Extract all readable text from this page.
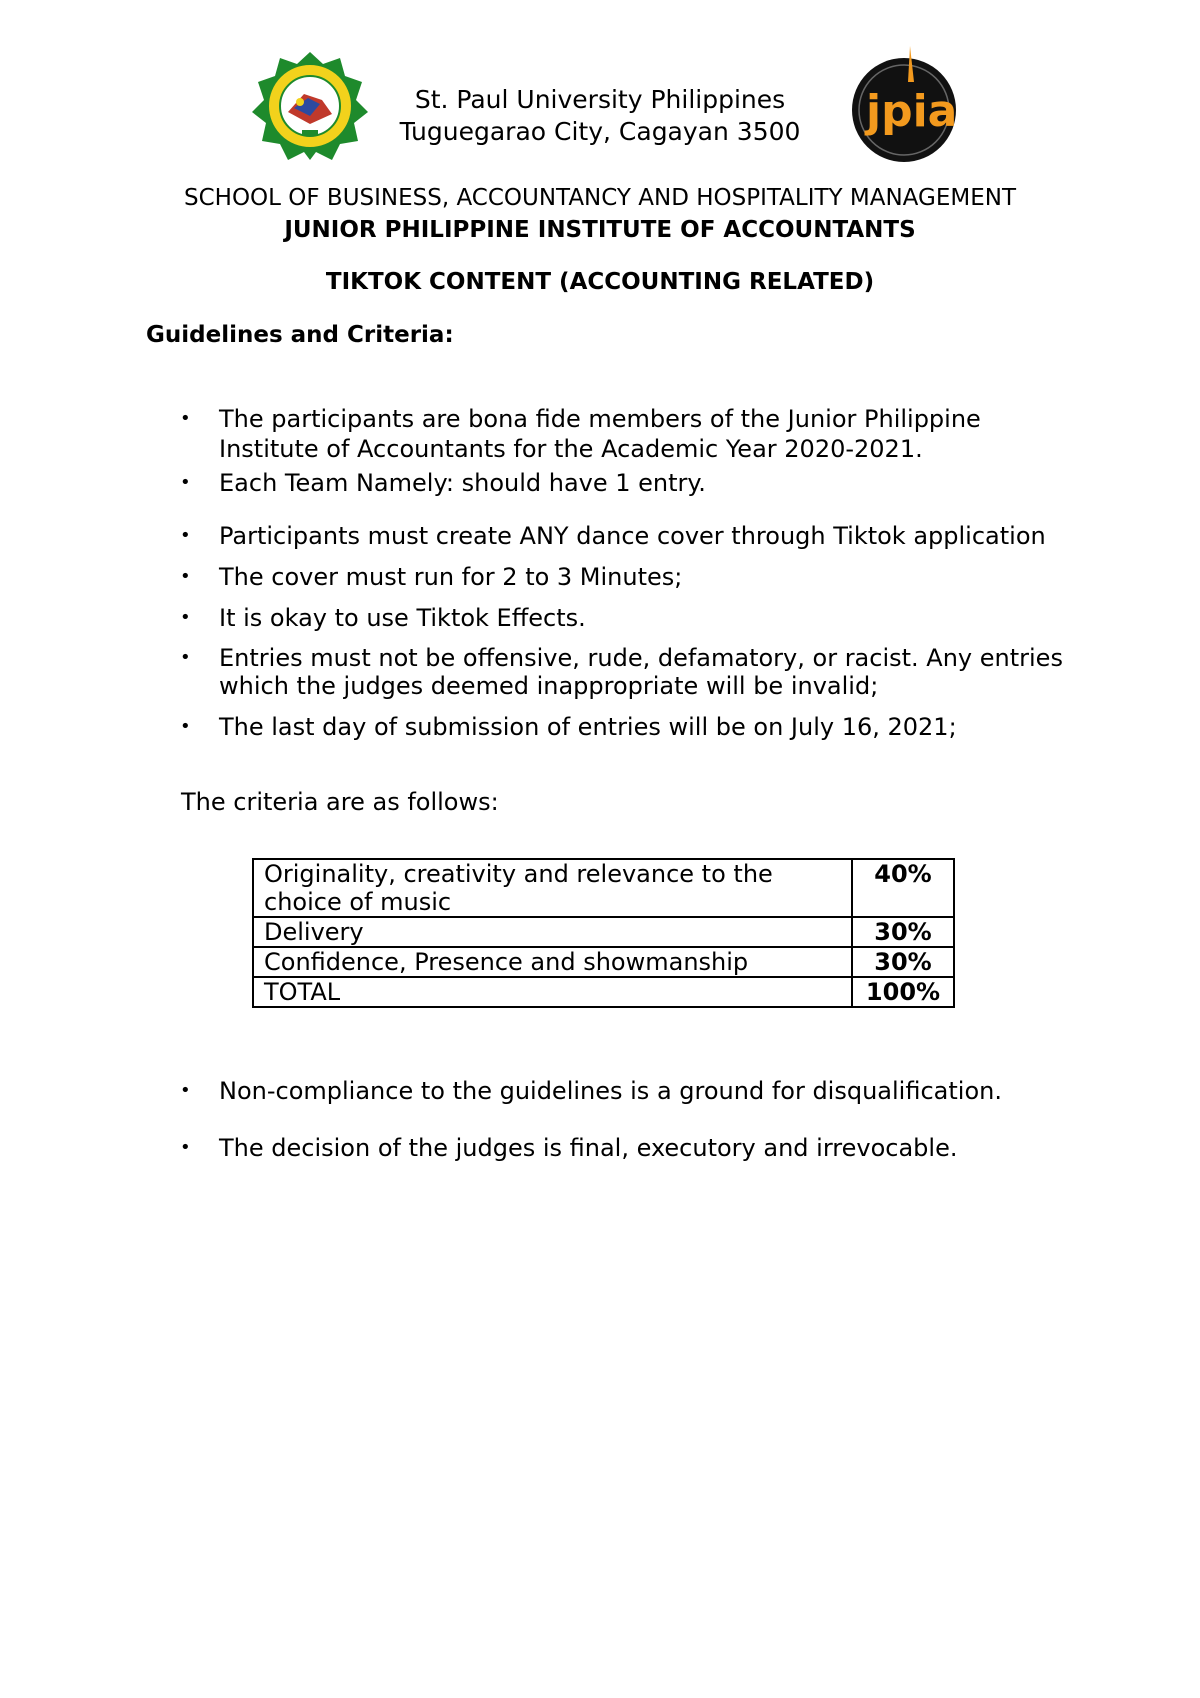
jpia
St. Paul University Philippines
Tuguegarao City, Cagayan 3500
SCHOOL OF BUSINESS, ACCOUNTANCY AND HOSPITALITY MANAGEMENT
JUNIOR PHILIPPINE INSTITUTE OF ACCOUNTANTS
TIKTOK CONTENT (ACCOUNTING RELATED)
Guidelines and Criteria:
•	The participants are bona fide members of the Junior Philippine Institute of Accountants for the Academic Year 2020-2021.
•	Each Team Namely: should have 1 entry.
•	Participants must create ANY dance cover through Tiktok application
•	The cover must run for 2 to 3 Minutes;
•	It is okay to use Tiktok Effects.
•	Entries must not be offensive, rude, defamatory, or racist. Any entries which the judges deemed inappropriate will be invalid;
•	The last day of submission of entries will be on July 16, 2021;
The criteria are as follows:
Originality, creativity and relevance to the choice of music	40%
Delivery	30%
Confidence, Presence and showmanship	30%
TOTAL	100%
•	Non-compliance to the guidelines is a ground for disqualification.
•	The decision of the judges is final, executory and irrevocable.
